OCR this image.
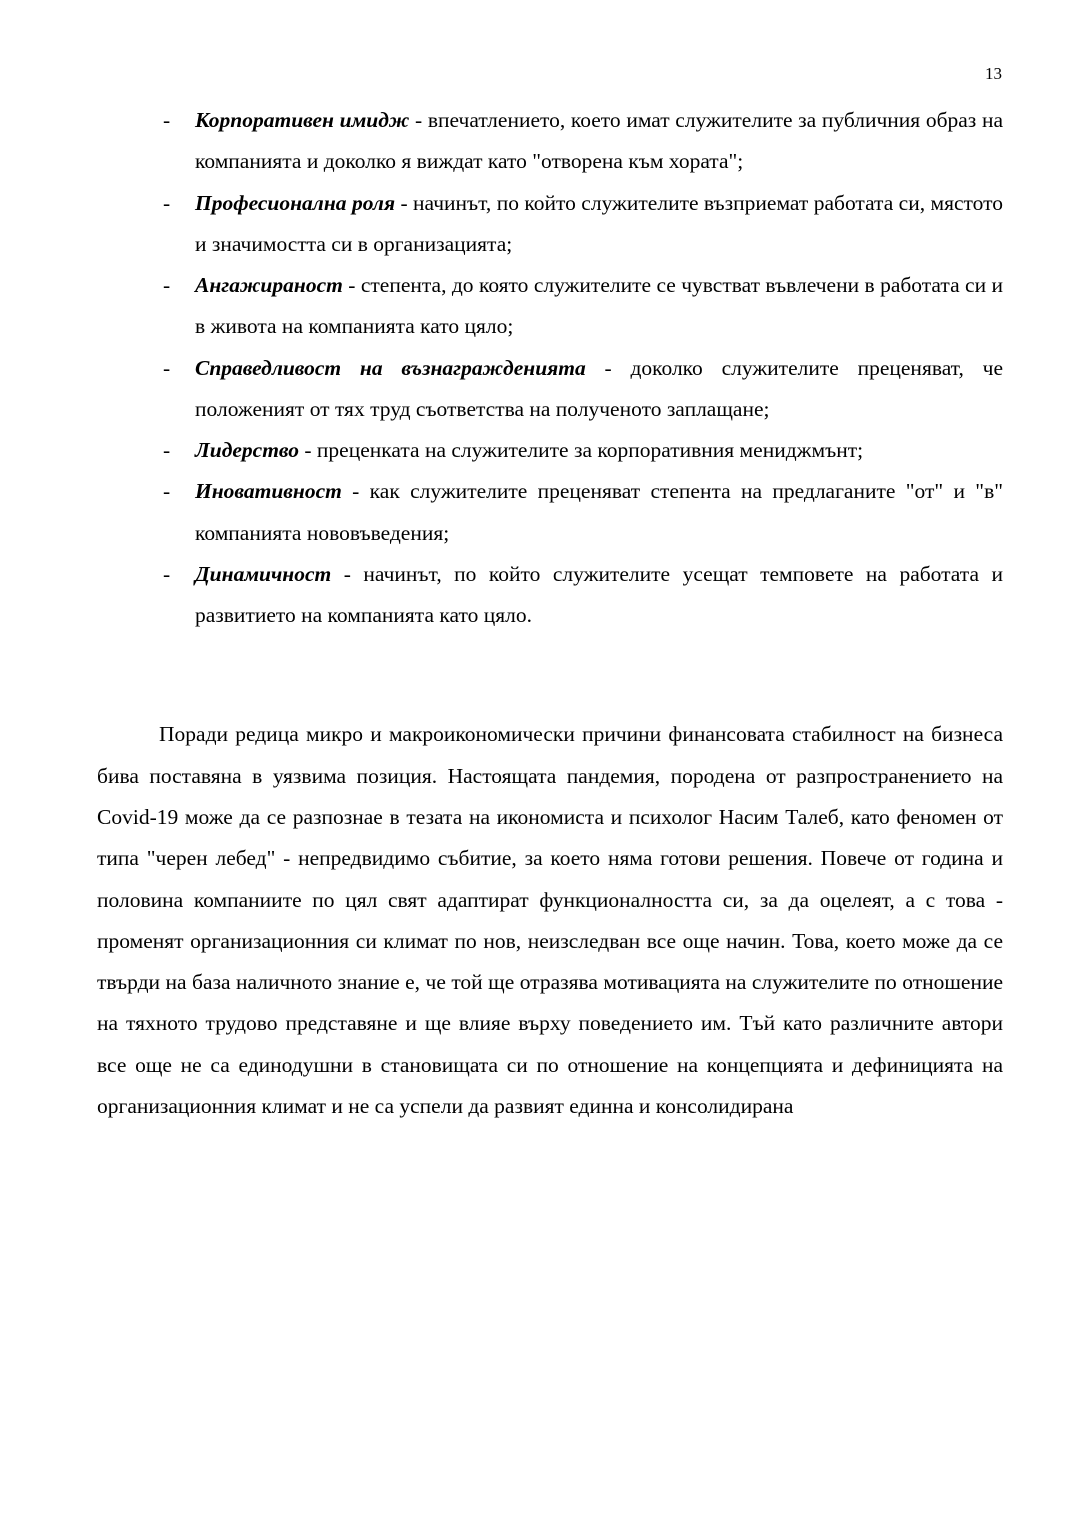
13
- Корпоративен имидж - впечатлението, което имат служителите за публичния образ на компанията и доколко я виждат като "отворена към хората";
- Професионална роля - начинът, по който служителите възприемат работата си, мястото и значимостта си в организацията;
- Ангажираност - степента, до която служителите се чувстват въвлечени в работата си и в живота на компанията като цяло;
- Справедливост на възнагражденията - доколко служителите преценяват, че положеният от тях труд съответства на полученото заплащане;
- Лидерство - преценката на служителите за корпоративния мениджмънт;
- Иновативност - как служителите преценяват степента на предлаганите "от" и "в" компанията нововъведения;
- Динамичност - начинът, по който служителите усещат темповете на работата и развитието на компанията като цяло.

Поради редица микро и макроикономически причини финансовата стабилност на бизнеса бива поставяна в уязвима позиция. Настоящата пандемия, породена от разпространението на Covid-19 може да се разпознае в тезата на икономиста и психолог Насим Талеб, като феномен от типа "черен лебед" - непредвидимо събитие, за което няма готови решения. Повече от година и половина компаниите по цял свят адаптират функционалността си, за да оцелеят, а с това - променят организационния си климат по нов, неизследван все още начин. Това, което може да се твърди на база наличното знание е, че той ще отразява мотивацията на служителите по отношение на тяхното трудово представяне и ще влияе върху поведението им. Тъй като различните автори все още не са единодушни в становищата си по отношение на концепцията и дефиницията на организационния климат и не са успели да развият единна и консолидирана
